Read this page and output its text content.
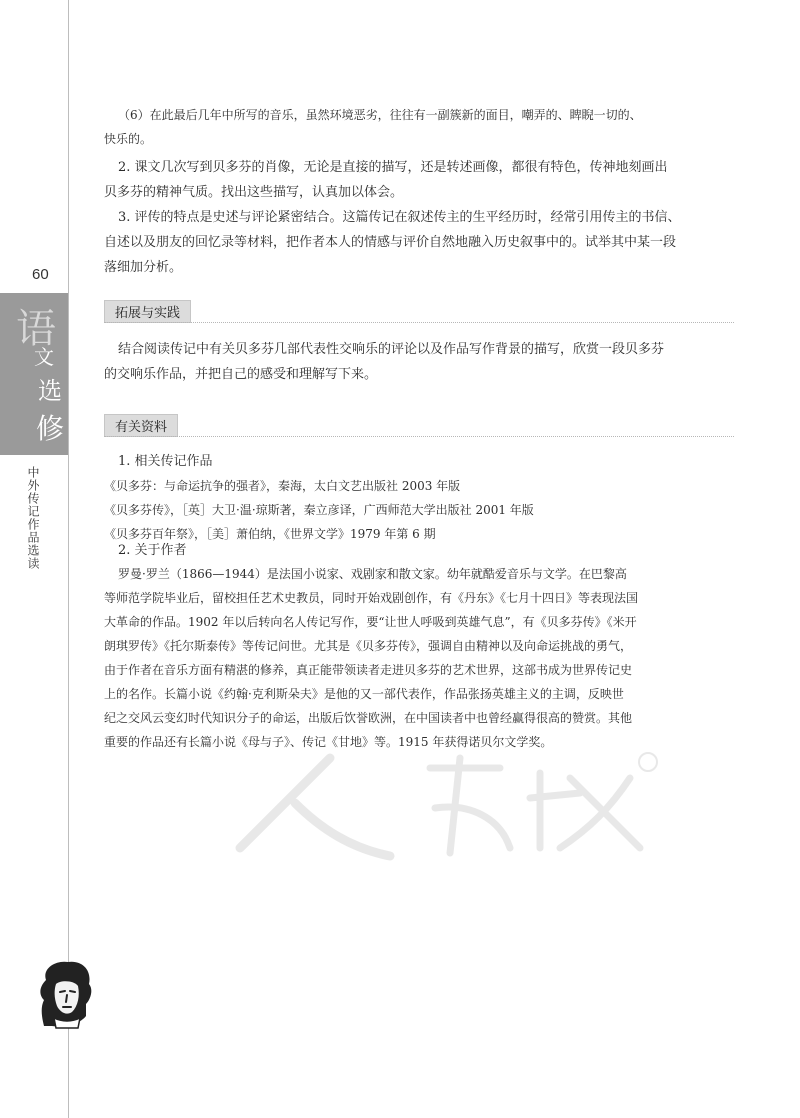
60
语
文
选
修
中外传记作品选读

（6）在此最后几年中所写的音乐，虽然环境恶劣，往往有一副簇新的面目，嘲弄的、睥睨一切的、

快乐的。

2. 课文几次写到贝多芬的肖像，无论是直接的描写，还是转述画像，都很有特色，传神地刻画出

贝多芬的精神气质。找出这些描写，认真加以体会。

3. 评传的特点是史述与评论紧密结合。这篇传记在叙述传主的生平经历时，经常引用传主的书信、

自述以及朋友的回忆录等材料，把作者本人的情感与评价自然地融入历史叙事中的。试举其中某一段

落细加分析。

拓展与实践

结合阅读传记中有关贝多芬几部代表性交响乐的评论以及作品写作背景的描写，欣赏一段贝多芬

的交响乐作品，并把自己的感受和理解写下来。

有关资料

1. 相关传记作品

《贝多芬：与命运抗争的强者》，秦海，太白文艺出版社 2003 年版

《贝多芬传》，［英］大卫·温·琼斯著，秦立彦译，广西师范大学出版社 2001 年版

《贝多芬百年祭》，［美］萧伯纳，《世界文学》1979 年第 6 期

2. 关于作者

罗曼·罗兰（1866—1944）是法国小说家、戏剧家和散文家。幼年就酷爱音乐与文学。在巴黎高

等师范学院毕业后，留校担任艺术史教员，同时开始戏剧创作，有《丹东》《七月十四日》等表现法国

大革命的作品。1902 年以后转向名人传记写作，要“让世人呼吸到英雄气息”，有《贝多芬传》《米开

朗琪罗传》《托尔斯泰传》等传记问世。尤其是《贝多芬传》，强调自由精神以及向命运挑战的勇气，

由于作者在音乐方面有精湛的修养，真正能带领读者走进贝多芬的艺术世界，这部书成为世界传记史

上的名作。长篇小说《约翰·克利斯朵夫》是他的又一部代表作，作品张扬英雄主义的主调，反映世

纪之交风云变幻时代知识分子的命运，出版后饮誉欧洲，在中国读者中也曾经赢得很高的赞赏。其他

重要的作品还有长篇小说《母与子》、传记《甘地》等。1915 年获得诺贝尔文学奖。
